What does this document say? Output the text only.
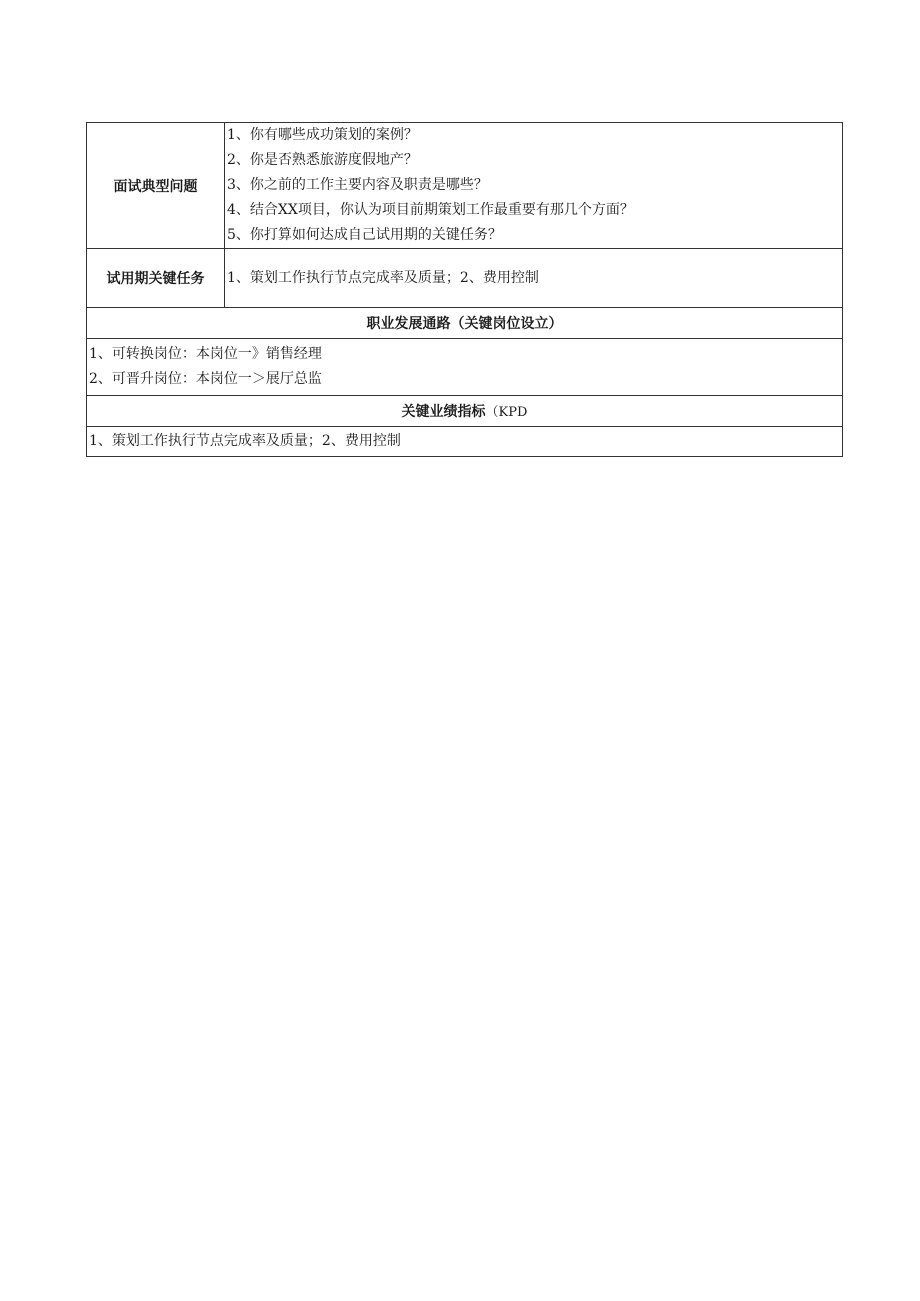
面试典型问题	1、你有哪些成功策划的案例？
2、你是否熟悉旅游度假地产？
3、你之前的工作主要内容及职责是哪些？
4、结合XX项目，你认为项目前期策划工作最重要有那几个方面？
5、你打算如何达成自己试用期的关键任务？

试用期关键任务	1、策划工作执行节点完成率及质量；2、费用控制

职业发展通路（关键岗位设立）	

1、可转换岗位：本岗位一》销售经理
2、可晋升岗位：本岗位一＞展厅总监	

关键业绩指标（KPD	

1、策划工作执行节点完成率及质量；2、费用控制	
